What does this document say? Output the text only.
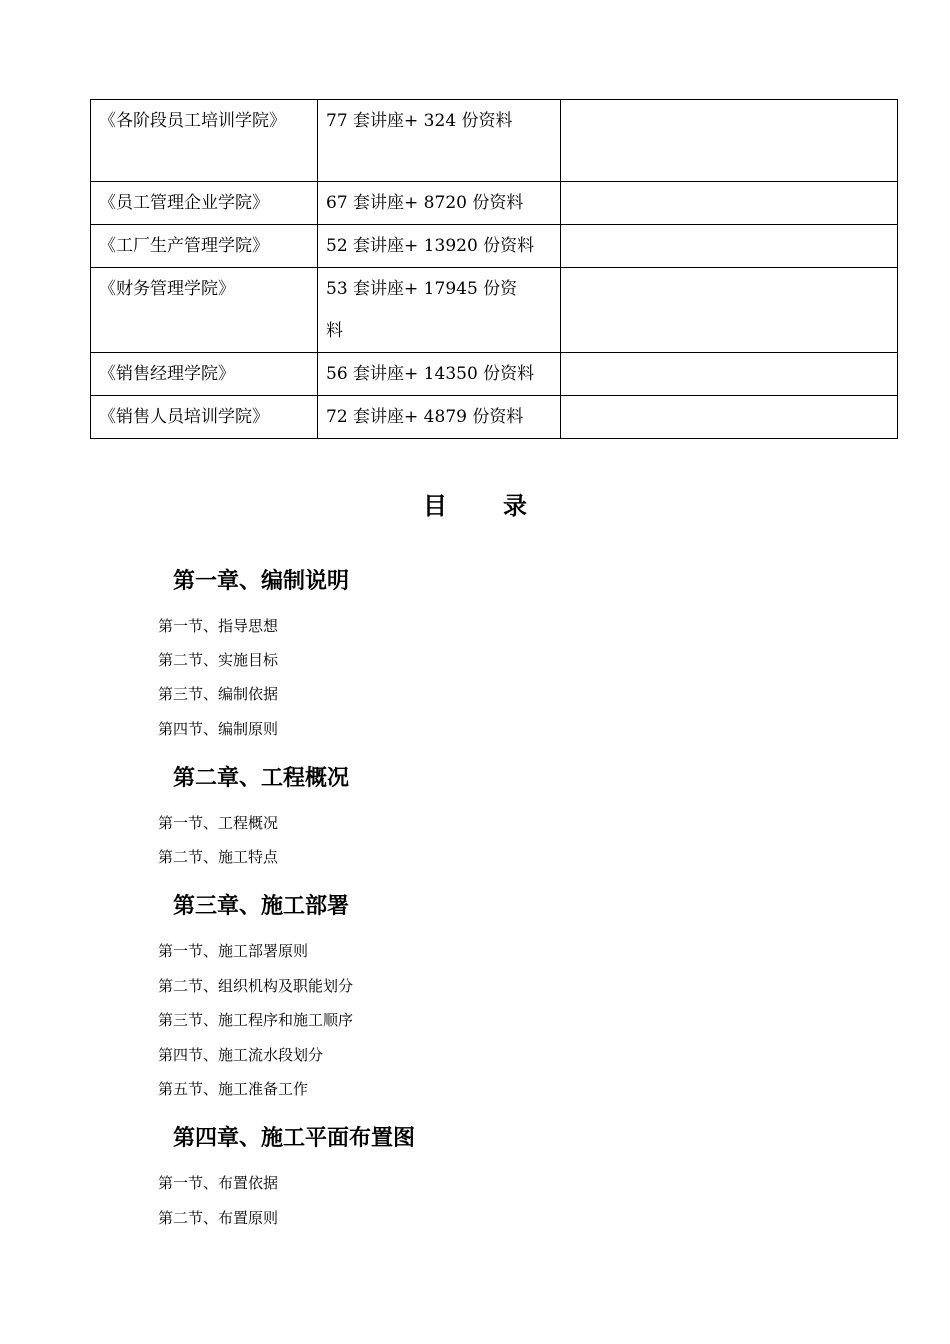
《各阶段员工培训学院》	77 套讲座+ 324 份资料	
《员工管理企业学院》	67 套讲座+ 8720 份资料	
《工厂生产管理学院》	52 套讲座+ 13920 份资料	
《财务管理学院》	53 套讲座+ 17945 份资料	
《销售经理学院》	56 套讲座+ 14350 份资料	
《销售人员培训学院》	72 套讲座+ 4879 份资料	
目 录
第一章、编制说明

第一节、指导思想

第二节、实施目标

第三节、编制依据

第四节、编制原则

第二章、工程概况

第一节、工程概况

第二节、施工特点

第三章、施工部署

第一节、施工部署原则

第二节、组织机构及职能划分

第三节、施工程序和施工顺序

第四节、施工流水段划分

第五节、施工准备工作

第四章、施工平面布置图

第一节、布置依据

第二节、布置原则
